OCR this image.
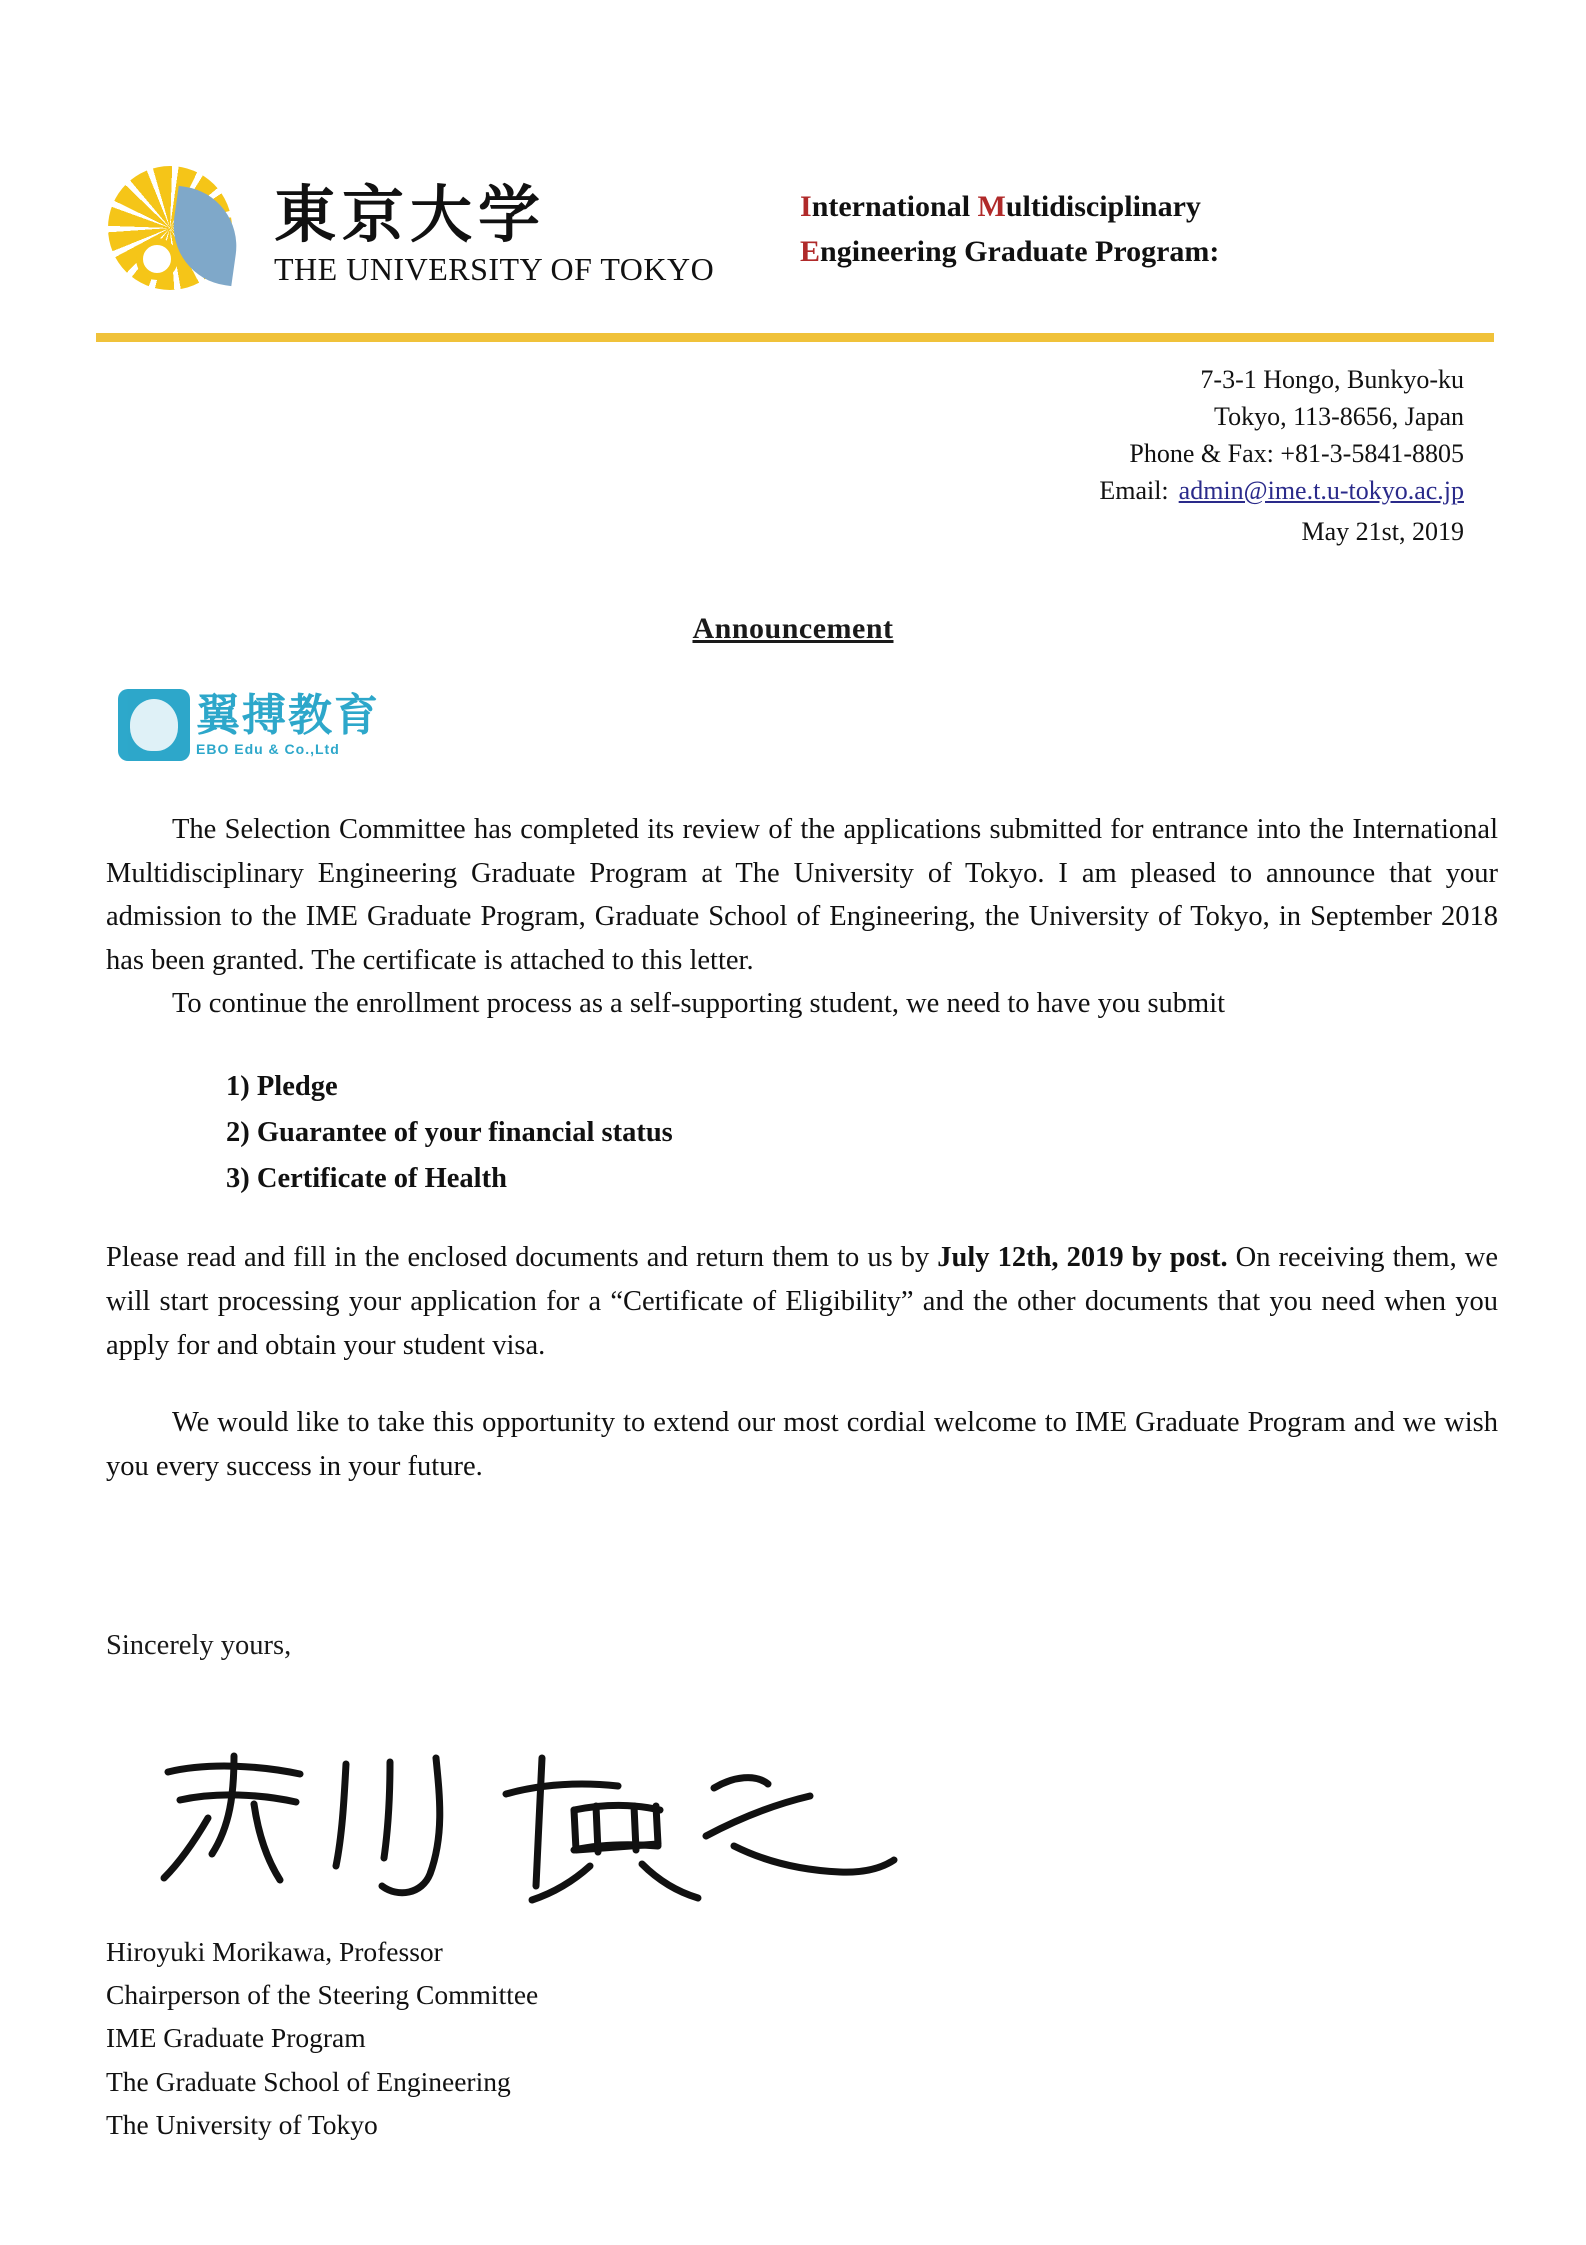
東京大学
THE UNIVERSITY OF TOKYO
International Multidisciplinary
Engineering Graduate Program:
7-3-1 Hongo, Bunkyo-ku
Tokyo, 113-8656, Japan
Phone & Fax: +81-3-5841-8805
Email: admin@ime.t.u-tokyo.ac.jp
May 21st, 2019
Announcement
翼搏教育
EBO Edu & Co.,Ltd

The Selection Committee has completed its review of the applications submitted for entrance into the International Multidisciplinary Engineering Graduate Program at The University of Tokyo. I am pleased to announce that your admission to the IME Graduate Program, Graduate School of Engineering, the University of Tokyo, in September 2018 has been granted. The certificate is attached to this letter.

To continue the enrollment process as a self-supporting student, we need to have you submit

1) Pledge
2) Guarantee of your financial status
3) Certificate of Health

Please read and fill in the enclosed documents and return them to us by July 12th, 2019 by post. On receiving them, we will start processing your application for a “Certificate of Eligibility” and the other documents that you need when you apply for and obtain your student visa.

We would like to take this opportunity to extend our most cordial welcome to IME Graduate Program and we wish you every success in your future.

Sincerely yours,
Hiroyuki Morikawa, Professor
Chairperson of the Steering Committee
IME Graduate Program
The Graduate School of Engineering
The University of Tokyo
